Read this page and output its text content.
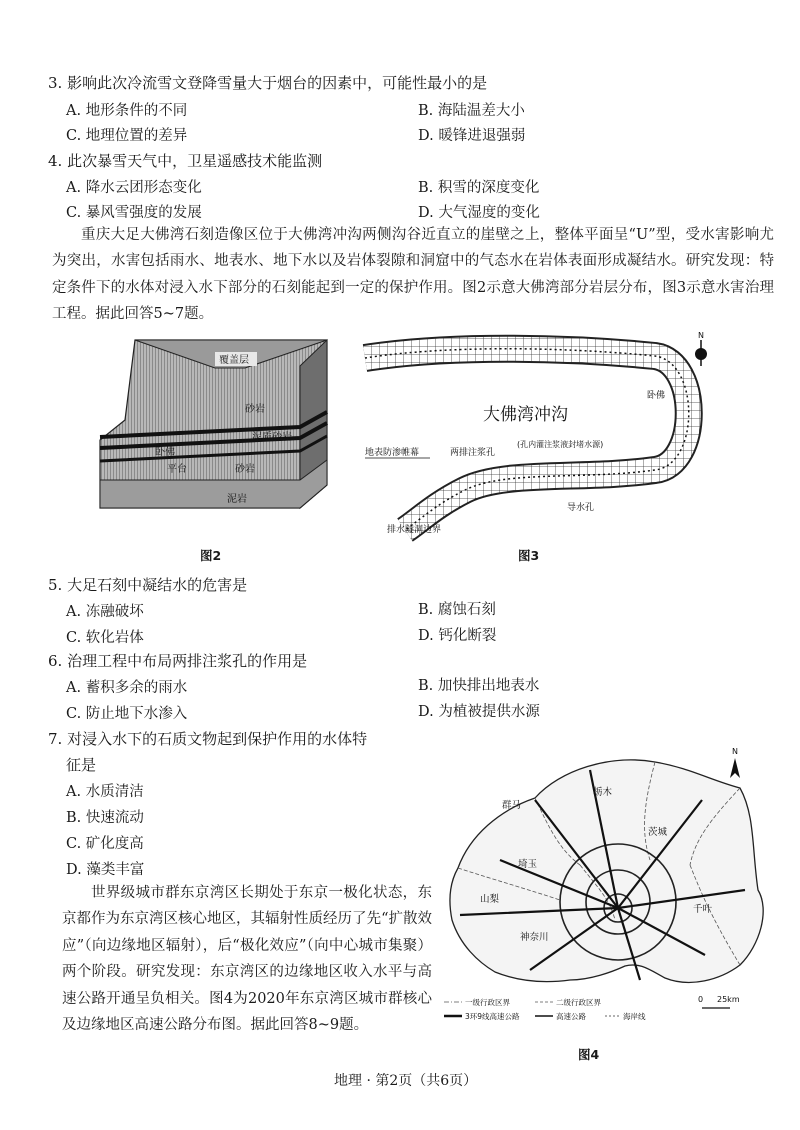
3. 影响此次冷流雪文登降雪量大于烟台的因素中，可能性最小的是
A. 地形条件的不同	B. 海陆温差大小
C. 地理位置的差异	D. 暖锋进退强弱
4. 此次暴雪天气中，卫星遥感技术能监测
A. 降水云团形态变化	B. 积雪的深度变化
C. 暴风雪强度的发展	D. 大气湿度的变化
重庆大足大佛湾石刻造像区位于大佛湾冲沟两侧沟谷近直立的崖壁之上，整体平面呈“U”型，受水害影响尤为突出，水害包括雨水、地表水、地下水以及岩体裂隙和洞窟中的气态水在岩体表面形成凝结水。研究发现：特定条件下的水体对浸入水下部分的石刻能起到一定的保护作用。图2示意大佛湾部分岩层分布，图3示意水害治理工程。据此回答5~7题。
覆盖层
砂岩
泥质砂岩
卧佛
平台	砂岩
泥岩
图2
大佛湾冲沟
卧佛
N
地表防渗帷幕	两排注浆孔
(孔内灌注浆液封堵水源)
导水孔
排水隧洞边界
图3
5. 大足石刻中凝结水的危害是
A. 冻融破坏	B. 腐蚀石刻
C. 软化岩体	D. 钙化断裂
6. 治理工程中布局两排注浆孔的作用是
A. 蓄积多余的雨水	B. 加快排出地表水
C. 防止地下水渗入	D. 为植被提供水源
7. 对浸入水下的石质文物起到保护作用的水体特
征是
A. 水质清洁
B. 快速流动
C. 矿化度高
D. 藻类丰富
世界级城市群东京湾区长期处于东京一极化状态，东京都作为东京湾区核心地区，其辐射性质经历了先“扩散效应”（向边缘地区辐射），后“极化效应”（向中心城市集聚）两个阶段。研究发现：东京湾区的边缘地区收入水平与高速公路开通呈负相关。图4为2020年东京湾区城市群核心及边缘地区高速公路分布图。据此回答8~9题。
群马
栃木
茨城
埼玉
山梨
千叶
神奈川
N
0 25km
一级行政区界	二级行政区界
3环9线高速公路	高速公路	海岸线
图4
地理 · 第2页（共6页）
